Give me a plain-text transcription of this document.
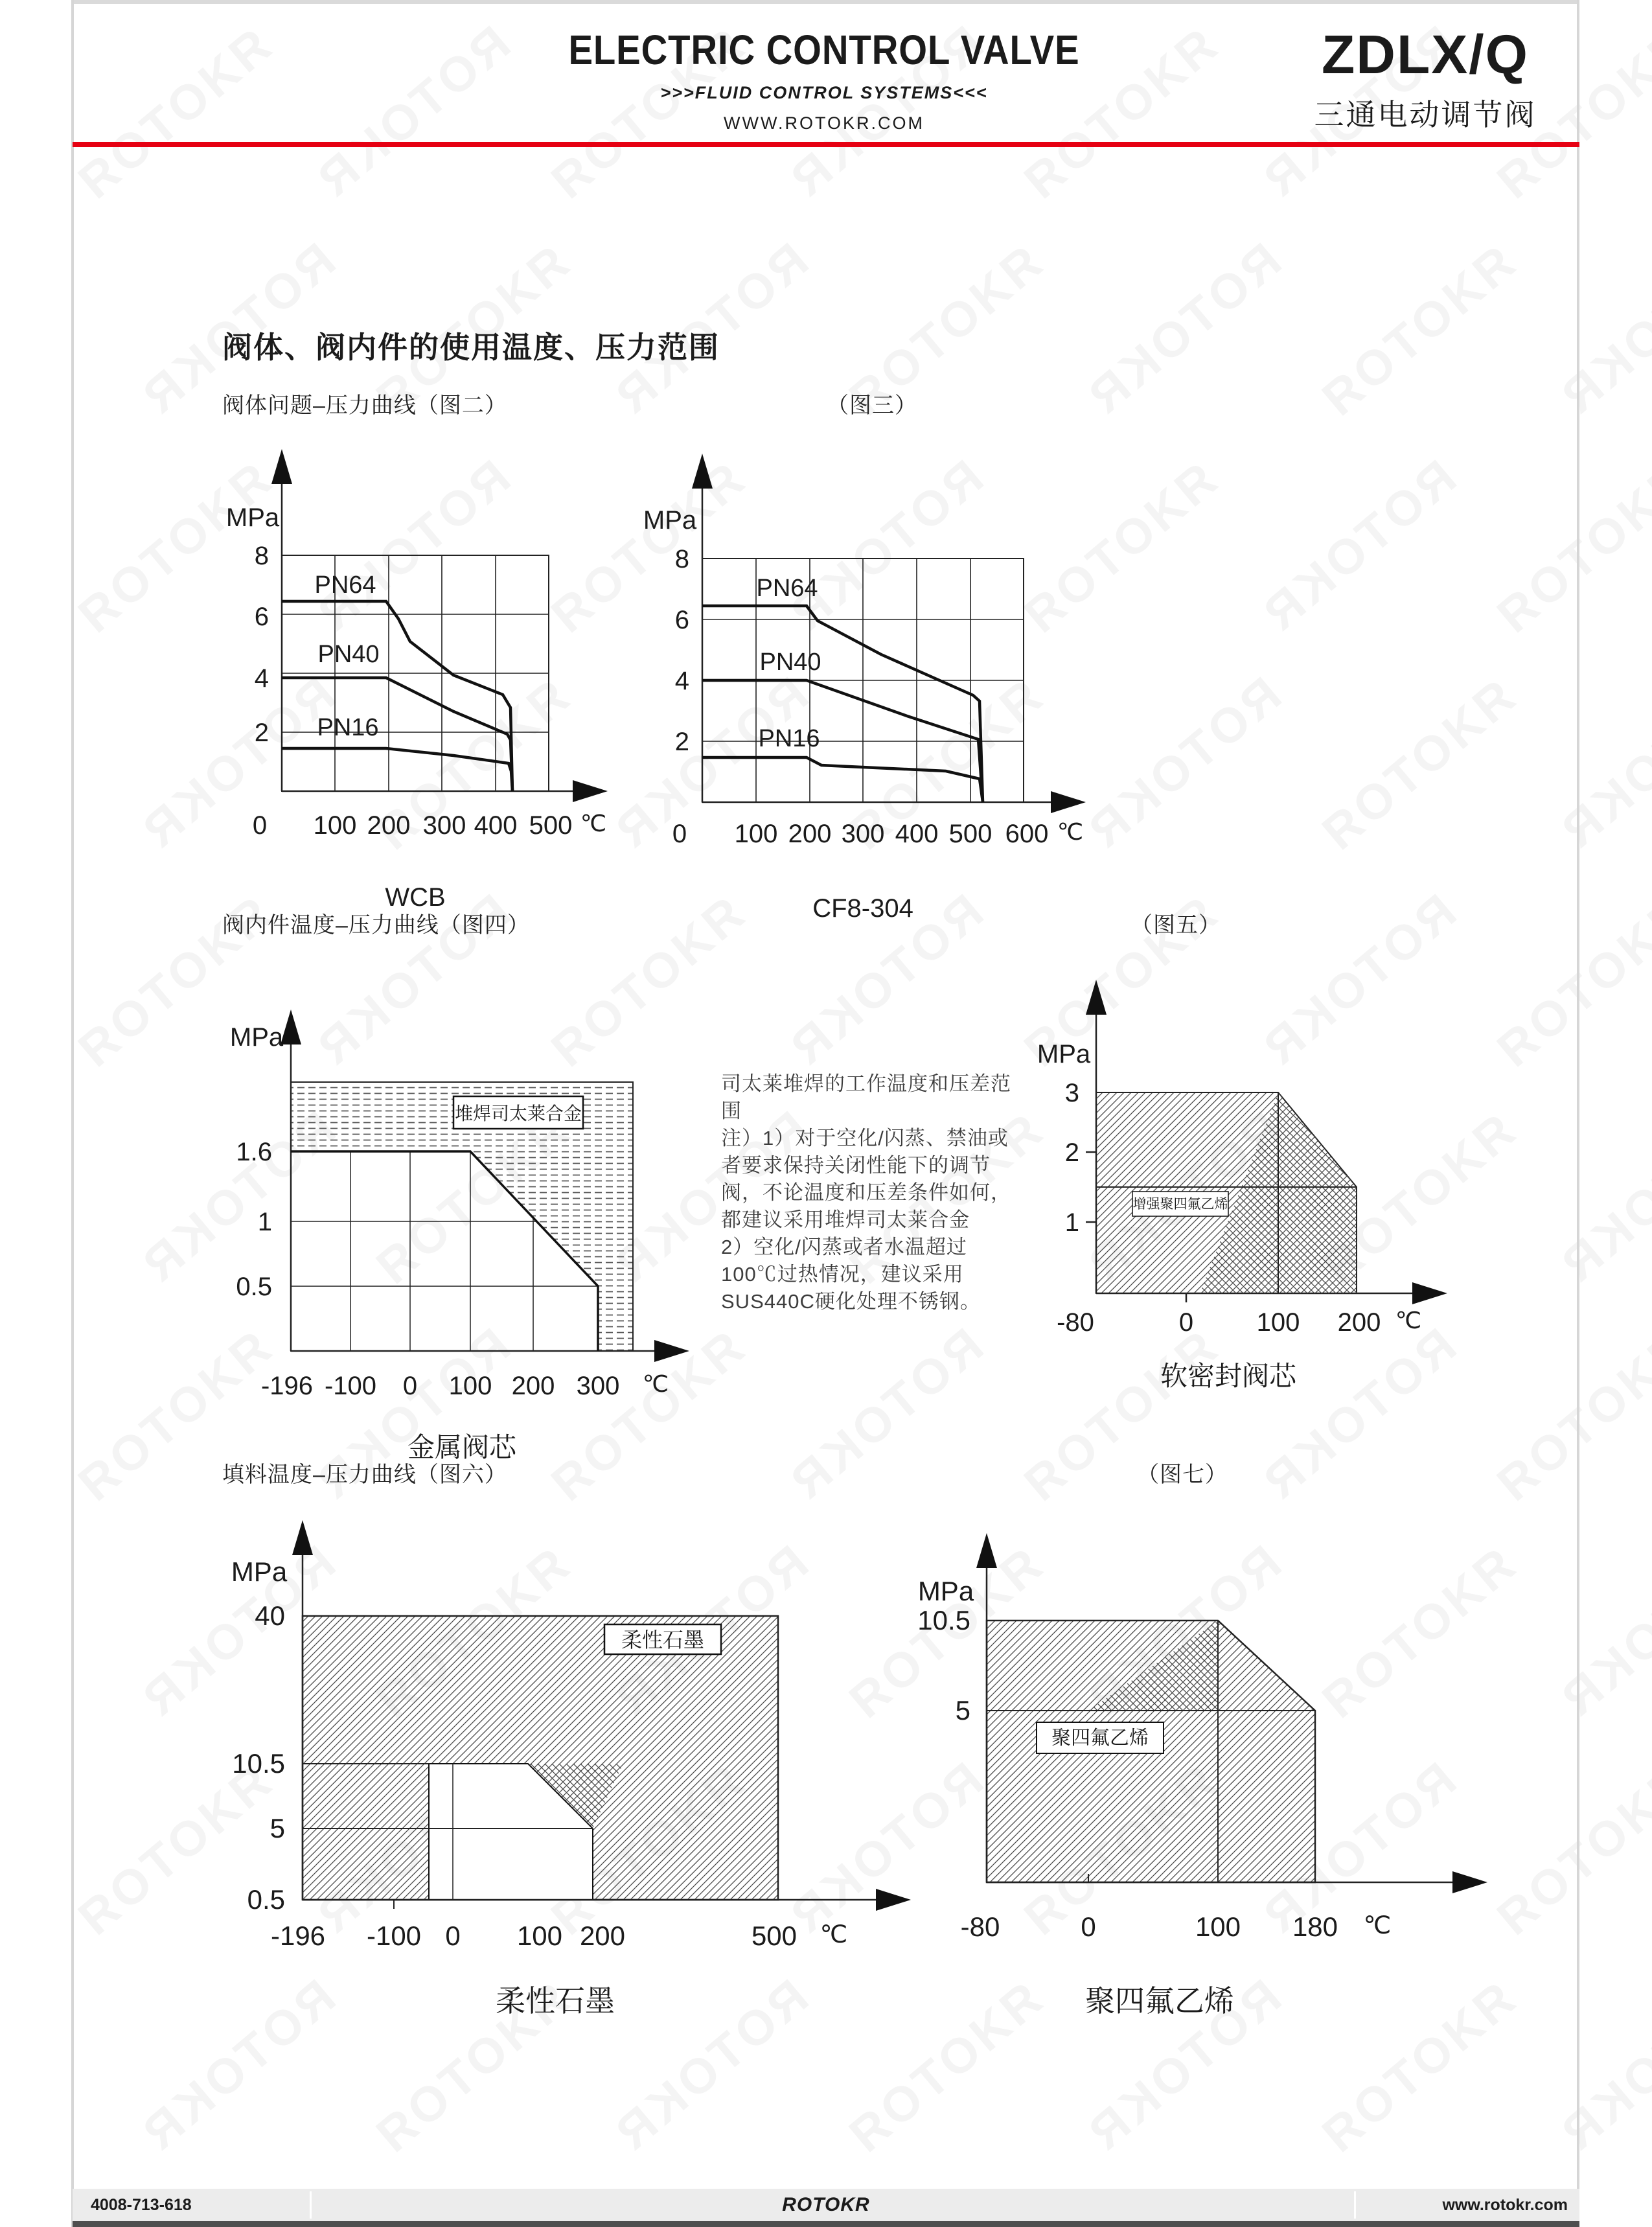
MPa
8
6
4
2
0 100 200 300 400 500 ℃
PN64
PN40
PN16
WCB
MPa
8
6
4
2
0 100 200 300 400 500 600 ℃
PN64
PN40
PN16
CF8-304
MPa
1.6
1
0.5
-196 -100 0 100 200 300 ℃
堆焊司太莱合金
金属阀芯
MPa
3
2
1
-80	0 100 200 ℃
增强聚四氟乙烯
软密封阀芯
MPa
40
10.5
5
0.5
-196 -100 0 100 200	500 ℃
柔性石墨
柔性石墨
MPa
10.5
5
-80	0	100 180 ℃
聚四氟乙烯
聚四氟乙烯
ELECTRIC CONTROL VALVE
>>>FLUID CONTROL SYSTEMS<<<
WWW.ROTOKR.COM
ZDLX/Q
三通电动调节阀
阀体、阀内件的使用温度、压力范围
阀体问题–压力曲线（图二）	（图三）
阀内件温度–压力曲线（图四）	（图五）
填料温度–压力曲线（图六）	（图七）
司太莱堆焊的工作温度和压差范围
注）1）对于空化/闪蒸、禁油或
者要求保持关闭性能下的调节
阀，不论温度和压差条件如何，
都建议采用堆焊司太莱合金
2）空化/闪蒸或者水温超过
100℃过热情况，建议采用
SUS440C硬化处理不锈钢。
4008-713-618	ROTOKR	www.rotokr.com
